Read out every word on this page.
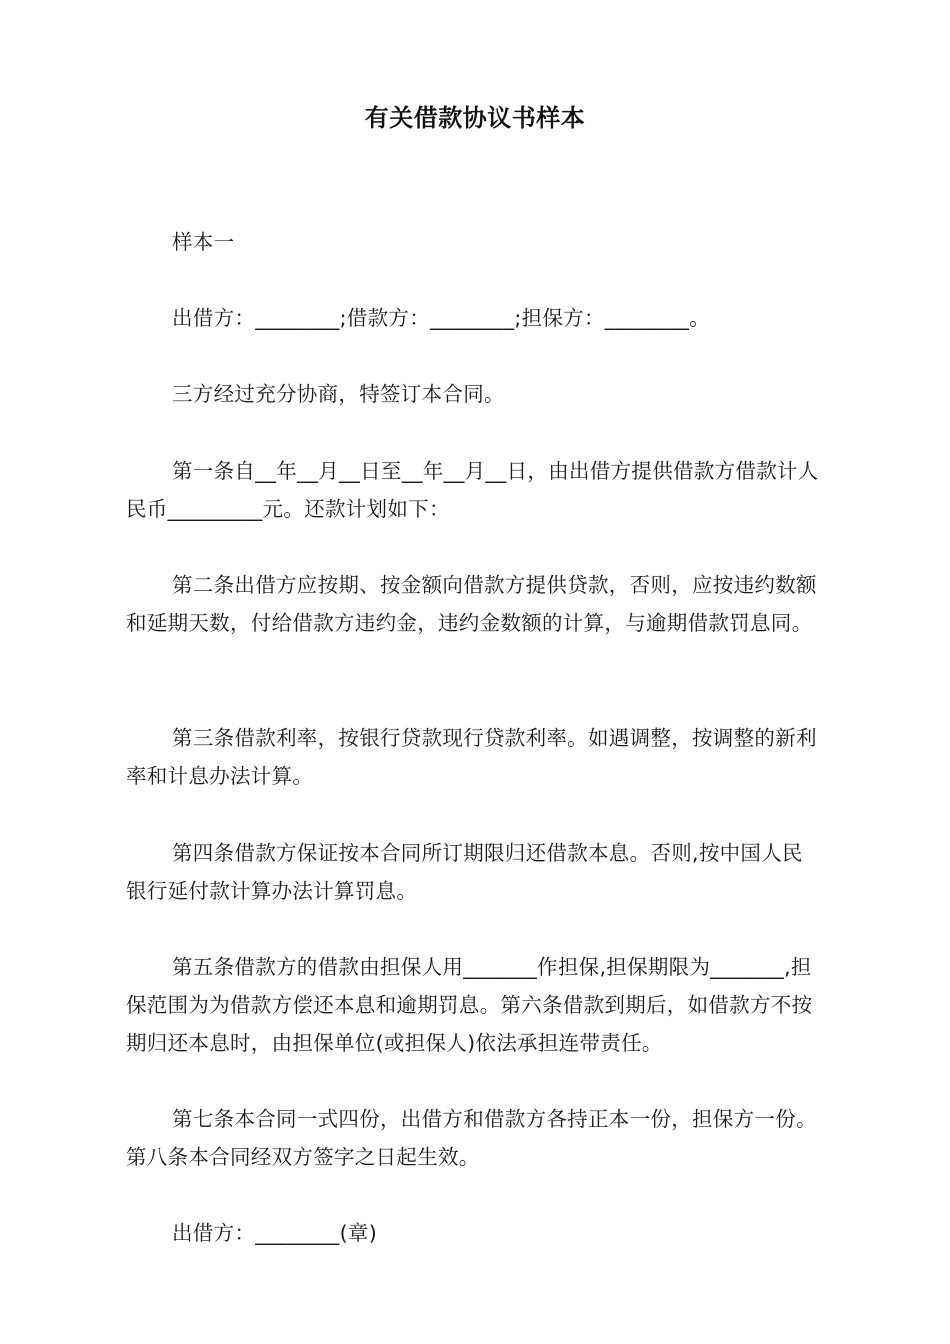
有关借款协议书样本
样本一
出借方：________;借款方：________;担保方：________。
三方经过充分协商，特签订本合同。
第一条自__年__月__日至__年__月__日，由出借方提供借款方借款计人民币_________元。还款计划如下：
第二条出借方应按期、按金额向借款方提供贷款，否则，应按违约数额和延期天数，付给借款方违约金，违约金数额的计算，与逾期借款罚息同。
第三条借款利率，按银行贷款现行贷款利率。如遇调整，按调整的新利率和计息办法计算。
第四条借款方保证按本合同所订期限归还借款本息。否则,按中国人民银行延付款计算办法计算罚息。
第五条借款方的借款由担保人用_______作担保,担保期限为_______,担保范围为为借款方偿还本息和逾期罚息。第六条借款到期后，如借款方不按期归还本息时，由担保单位(或担保人)依法承担连带责任。
第七条本合同一式四份，出借方和借款方各持正本一份，担保方一份。第八条本合同经双方签字之日起生效。
出借方：________(章)
